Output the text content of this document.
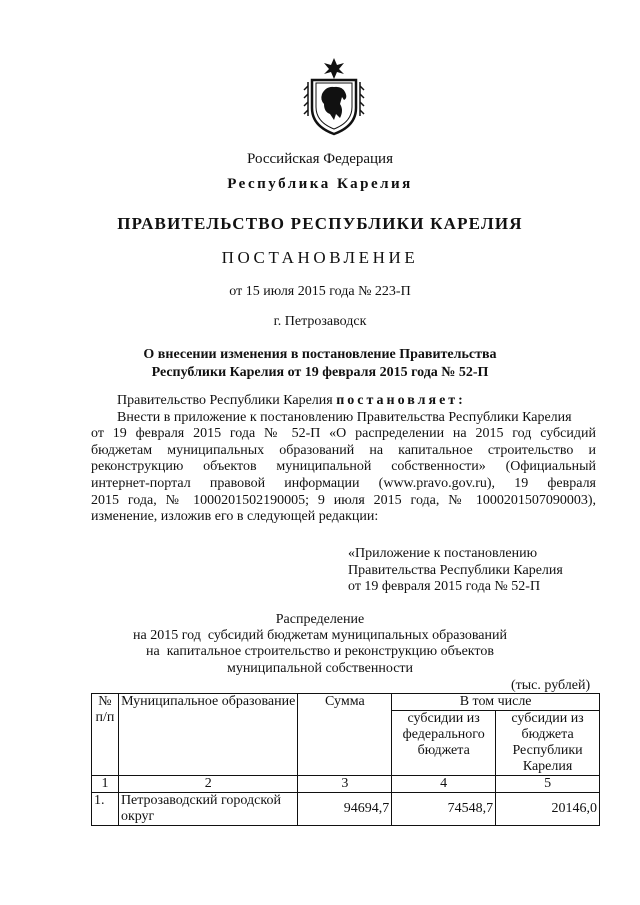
Российская Федерация
Республика Карелия
ПРАВИТЕЛЬСТВО РЕСПУБЛИКИ КАРЕЛИЯ
ПОСТАНОВЛЕНИЕ
от 15 июля 2015 года № 223-П
г. Петрозаводск
О внесении изменения в постановление Правительства
Республики Карелия от 19 февраля 2015 года № 52-П
Правительство Республики Карелия постановляет:
Внести в приложение к постановлению Правительства Республики Карелия
от 19 февраля 2015 года № 52-П «О распределении на 2015 год субсидий
бюджетам муниципальных образований на капитальное строительство и
реконструкцию объектов муниципальной собственности» (Официальный
интернет-портал правовой информации (www.pravo.gov.ru), 19 февраля
2015 года, № 1000201502190005; 9 июля 2015 года, № 1000201507090003),
изменение, изложив его в следующей редакции:
«Приложение к постановлению
Правительства Республики Карелия
от 19 февраля 2015 года № 52-П
Распределение
на 2015 год  субсидий бюджетам муниципальных образований
на  капитальное строительство и реконструкцию объектов
муниципальной собственности
(тыс. рублей)
№ п/п	Муниципальное образование	Сумма	В том числе	
			субсидии из федерального бюджета	субсидии из бюджета Республики Карелия
1	2	3	4	5
1.	Петрозаводский городской округ	94694,7	74548,7	20146,0
